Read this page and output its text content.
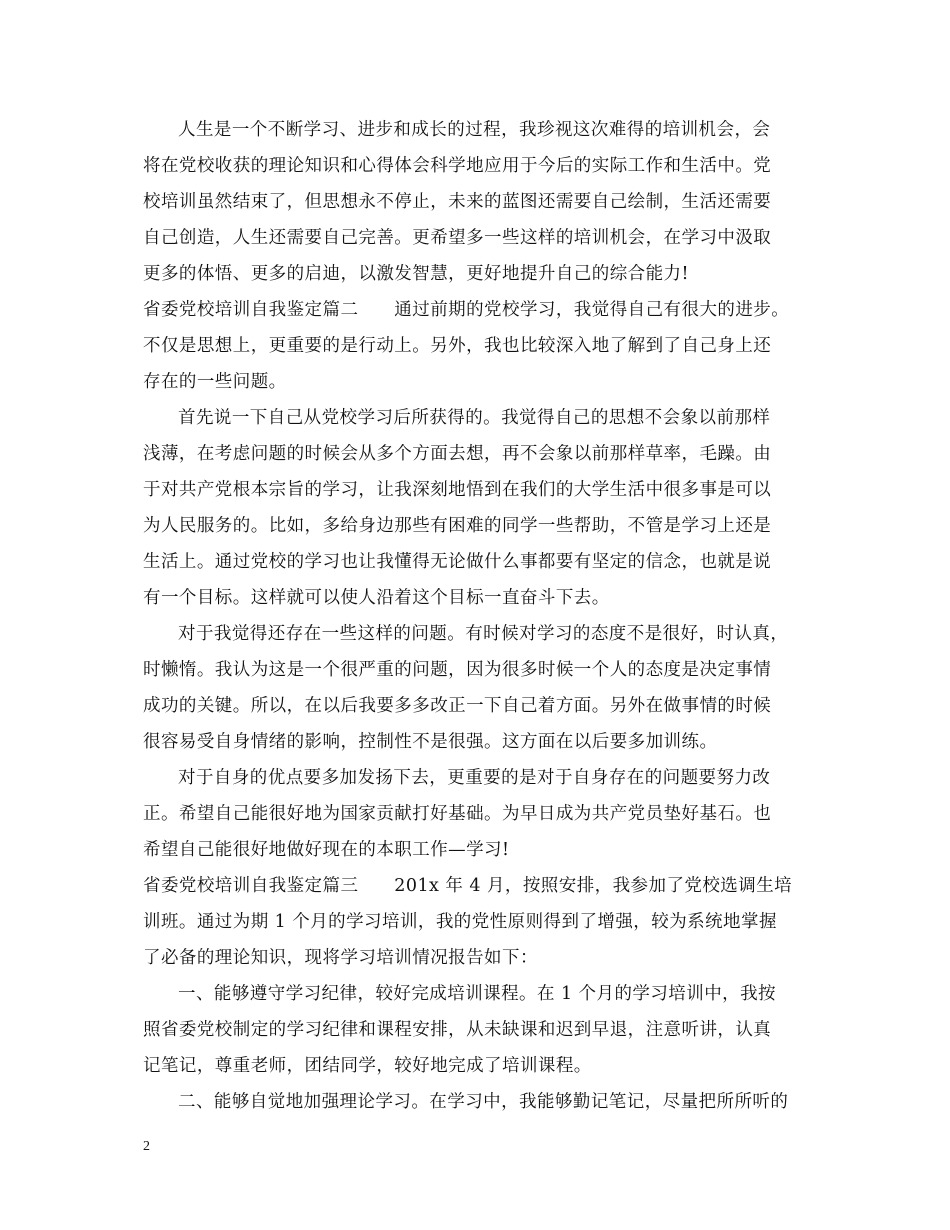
人生是一个不断学习、进步和成长的过程，我珍视这次难得的培训机会，会
将在党校收获的理论知识和心得体会科学地应用于今后的实际工作和生活中。党
校培训虽然结束了，但思想永不停止，未来的蓝图还需要自己绘制，生活还需要
自己创造，人生还需要自己完善。更希望多一些这样的培训机会，在学习中汲取
更多的体悟、更多的启迪，以激发智慧，更好地提升自己的综合能力!
省委党校培训自我鉴定篇二　　通过前期的党校学习，我觉得自己有很大的进步。
不仅是思想上，更重要的是行动上。另外，我也比较深入地了解到了自己身上还
存在的一些问题。
首先说一下自己从党校学习后所获得的。我觉得自己的思想不会象以前那样
浅薄，在考虑问题的时候会从多个方面去想，再不会象以前那样草率，毛躁。由
于对共产党根本宗旨的学习，让我深刻地悟到在我们的大学生活中很多事是可以
为人民服务的。比如，多给身边那些有困难的同学一些帮助，不管是学习上还是
生活上。通过党校的学习也让我懂得无论做什么事都要有坚定的信念，也就是说
有一个目标。这样就可以使人沿着这个目标一直奋斗下去。
对于我觉得还存在一些这样的问题。有时候对学习的态度不是很好，时认真，
时懒惰。我认为这是一个很严重的问题，因为很多时候一个人的态度是决定事情
成功的关键。所以，在以后我要多多改正一下自己着方面。另外在做事情的时候
很容易受自身情绪的影响，控制性不是很强。这方面在以后要多加训练。
对于自身的优点要多加发扬下去，更重要的是对于自身存在的问题要努力改
正。希望自己能很好地为国家贡献打好基础。为早日成为共产党员垫好基石。也
希望自己能很好地做好现在的本职工作—学习!
省委党校培训自我鉴定篇三　　201x 年 4 月，按照安排，我参加了党校选调生培
训班。通过为期 1 个月的学习培训，我的党性原则得到了增强，较为系统地掌握
了必备的理论知识，现将学习培训情况报告如下：
一、能够遵守学习纪律，较好完成培训课程。在 1 个月的学习培训中，我按
照省委党校制定的学习纪律和课程安排，从未缺课和迟到早退，注意听讲，认真
记笔记，尊重老师，团结同学，较好地完成了培训课程。
二、能够自觉地加强理论学习。在学习中，我能够勤记笔记，尽量把所所听的
2
